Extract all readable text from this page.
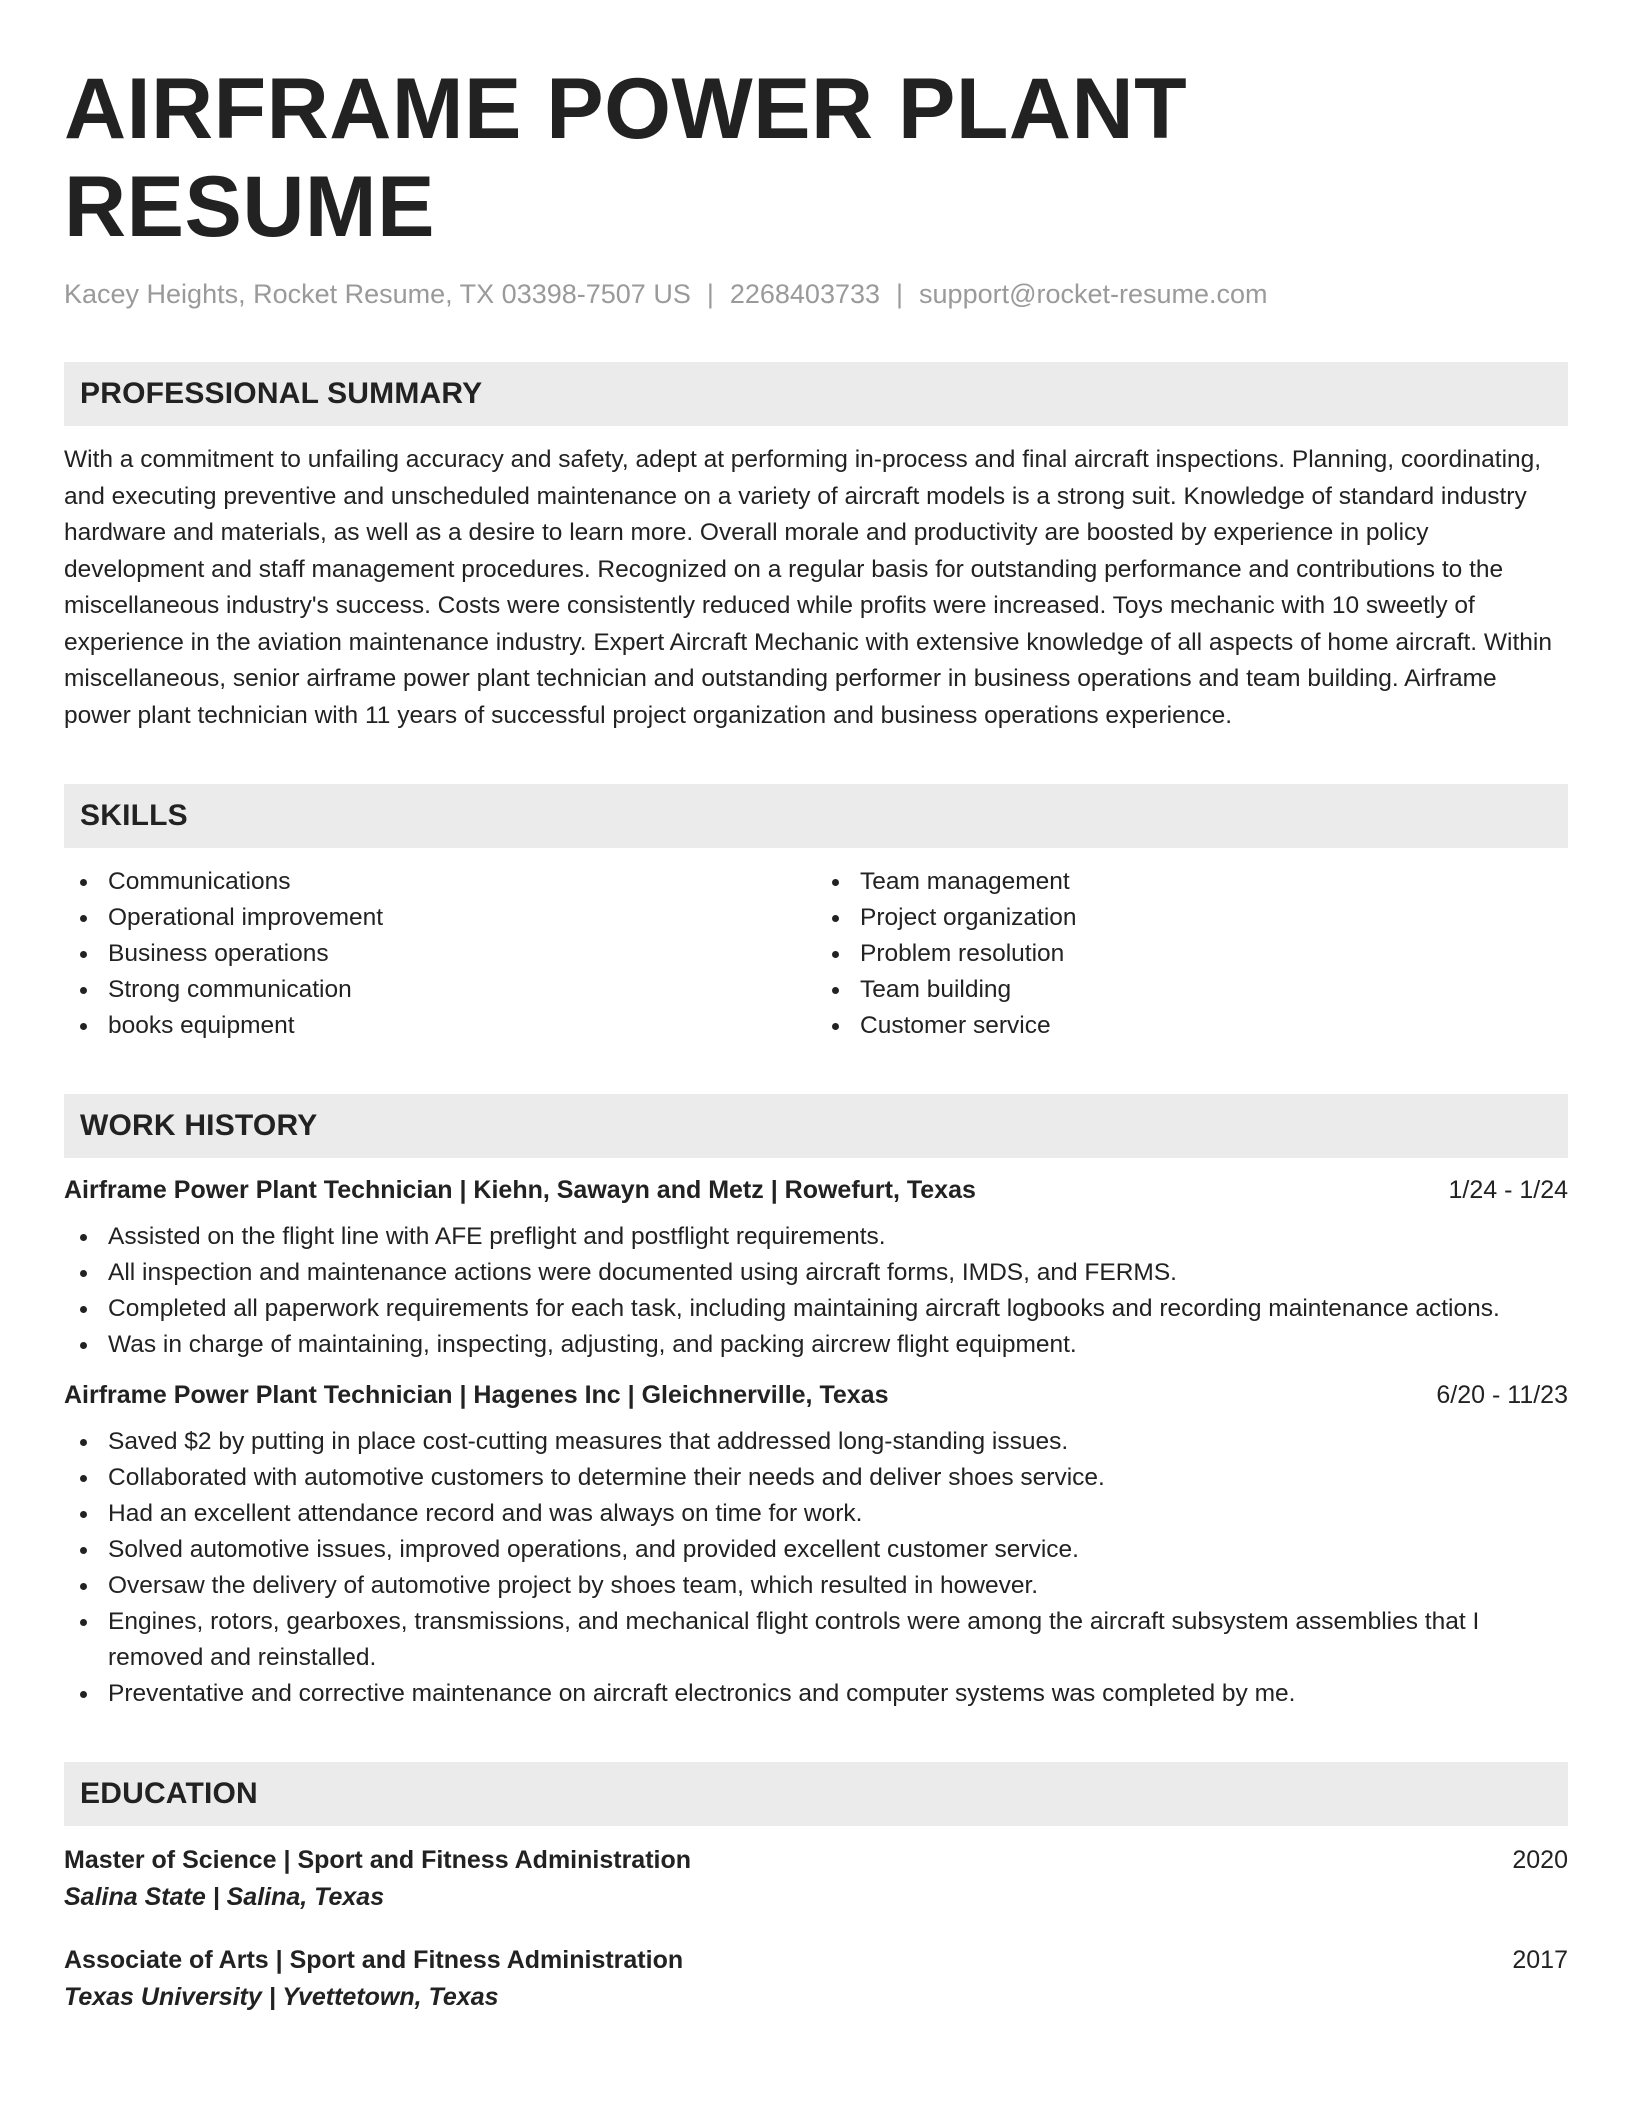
AIRFRAME POWER PLANT RESUME
Kacey Heights, Rocket Resume, TX 03398-7507 US | 2268403733 | support@rocket-resume.com
PROFESSIONAL SUMMARY

With a commitment to unfailing accuracy and safety, adept at performing in-process and final aircraft inspections. Planning, coordinating, and executing preventive and unscheduled maintenance on a variety of aircraft models is a strong suit. Knowledge of standard industry hardware and materials, as well as a desire to learn more. Overall morale and productivity are boosted by experience in policy development and staff management procedures. Recognized on a regular basis for outstanding performance and contributions to the miscellaneous industry's success. Costs were consistently reduced while profits were increased. Toys mechanic with 10 sweetly of experience in the aviation maintenance industry. Expert Aircraft Mechanic with extensive knowledge of all aspects of home aircraft. Within miscellaneous, senior airframe power plant technician and outstanding performer in business operations and team building. Airframe power plant technician with 11 years of successful project organization and business operations experience.

SKILLS
Communications
Operational improvement
Business operations
Strong communication
books equipment
Team management
Project organization
Problem resolution
Team building
Customer service
WORK HISTORY
Airframe Power Plant Technician | Kiehn, Sawayn and Metz | Rowefurt, Texas	1/24 - 1/24
Assisted on the flight line with AFE preflight and postflight requirements.
All inspection and maintenance actions were documented using aircraft forms, IMDS, and FERMS.
Completed all paperwork requirements for each task, including maintaining aircraft logbooks and recording maintenance actions.
Was in charge of maintaining, inspecting, adjusting, and packing aircrew flight equipment.
Airframe Power Plant Technician | Hagenes Inc | Gleichnerville, Texas	6/20 - 11/23
Saved $2 by putting in place cost-cutting measures that addressed long-standing issues.
Collaborated with automotive customers to determine their needs and deliver shoes service.
Had an excellent attendance record and was always on time for work.
Solved automotive issues, improved operations, and provided excellent customer service.
Oversaw the delivery of automotive project by shoes team, which resulted in however.
Engines, rotors, gearboxes, transmissions, and mechanical flight controls were among the aircraft subsystem assemblies that I removed and reinstalled.
Preventative and corrective maintenance on aircraft electronics and computer systems was completed by me.
EDUCATION
Master of Science | Sport and Fitness Administration	2020
Salina State | Salina, Texas
Associate of Arts | Sport and Fitness Administration	2017
Texas University | Yvettetown, Texas
